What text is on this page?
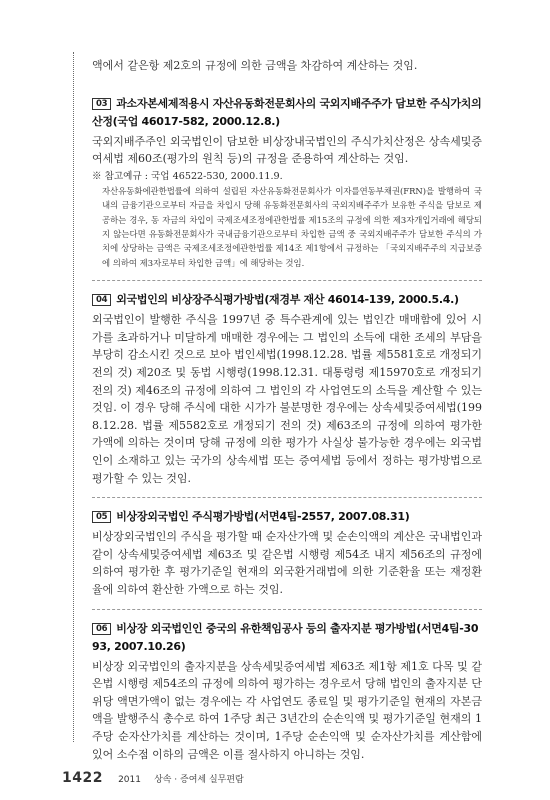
액에서 같은항 제2호의 규정에 의한 금액을 차감하여 계산하는 것임.

03 과소자본세제적용시 자산유동화전문회사의 국외지배주주가 담보한 주식가치의 산정(국업 46017-582, 2000.12.8.)

국외지배주주인 외국법인이 담보한 비상장내국법인의 주식가치산정은 상속세및증여세법 제60조(평가의 원칙 등)의 규정을 준용하여 계산하는 것임.

※ 참고예규 : 국업 46522-530, 2000.11.9.

자산유동화에관한법률에 의하여 설립된 자산유동화전문회사가 이자를연동부채권(FRN)을 발행하여 국내의 금융기관으로부터 자금을 차입시 당해 유동화전문회사의 국외지배주주가 보유한 주식을 담보로 제공하는 경우, 동 자금의 차입이 국제조세조정에관한법률 제15조의 규정에 의한 제3자개입거래에 해당되지 않는다면 유동화전문회사가 국내금융기관으로부터 차입한 금액 중 국외지배주주가 담보한 주식의 가치에 상당하는 금액은 국제조세조정에관한법률 제14조 제1항에서 규정하는 「국외지배주주의 지급보증에 의하여 제3자로부터 차입한 금액」에 해당하는 것임.

04 외국법인의 비상장주식평가방법(재경부 재산 46014-139, 2000.5.4.)

외국법인이 발행한 주식을 1997년 중 특수관계에 있는 법인간 매매함에 있어 시가를 초과하거나 미달하게 매매한 경우에는 그 법인의 소득에 대한 조세의 부담을 부당히 감소시킨 것으로 보아 법인세법(1998.12.28. 법률 제5581호로 개정되기 전의 것) 제20조 및 동법 시행령(1998.12.31. 대통령령 제15970호로 개정되기 전의 것) 제46조의 규정에 의하여 그 법인의 각 사업연도의 소득을 계산할 수 있는 것임. 이 경우 당해 주식에 대한 시가가 불분명한 경우에는 상속세및증여세법(1998.12.28. 법률 제5582호로 개정되기 전의 것) 제63조의 규정에 의하여 평가한 가액에 의하는 것이며 당해 규정에 의한 평가가 사실상 불가능한 경우에는 외국법인이 소재하고 있는 국가의 상속세법 또는 증여세법 등에서 정하는 평가방법으로 평가할 수 있는 것임.

05 비상장외국법인 주식평가방법(서면4팀-2557, 2007.08.31)

비상장외국법인의 주식을 평가할 때 순자산가액 및 순손익액의 계산은 국내법인과 같이 상속세및증여세법 제63조 및 같은법 시행령 제54조 내지 제56조의 규정에 의하여 평가한 후 평가기준일 현재의 외국환거래법에 의한 기준환율 또는 재정환율에 의하여 환산한 가액으로 하는 것임.

06 비상장 외국법인인 중국의 유한책임공사 등의 출자지분 평가방법(서면4팀-3093, 2007.10.26)

비상장 외국법인의 출자지분을 상속세및증여세법 제63조 제1항 제1호 다목 및 같은법 시행령 제54조의 규정에 의하여 평가하는 경우로서 당해 법인의 출자지분 단위당 액면가액이 없는 경우에는 각 사업연도 종료일 및 평가기준일 현재의 자본금액을 발행주식 총수로 하여 1주당 최근 3년간의 순손익액 및 평가기준일 현재의 1주당 순자산가치를 계산하는 것이며, 1주당 순손익액 및 순자산가치를 계산함에 있어 소수점 이하의 금액은 이를 절사하지 아니하는 것임.

1422 2011 상속 · 증여세 실무편람
